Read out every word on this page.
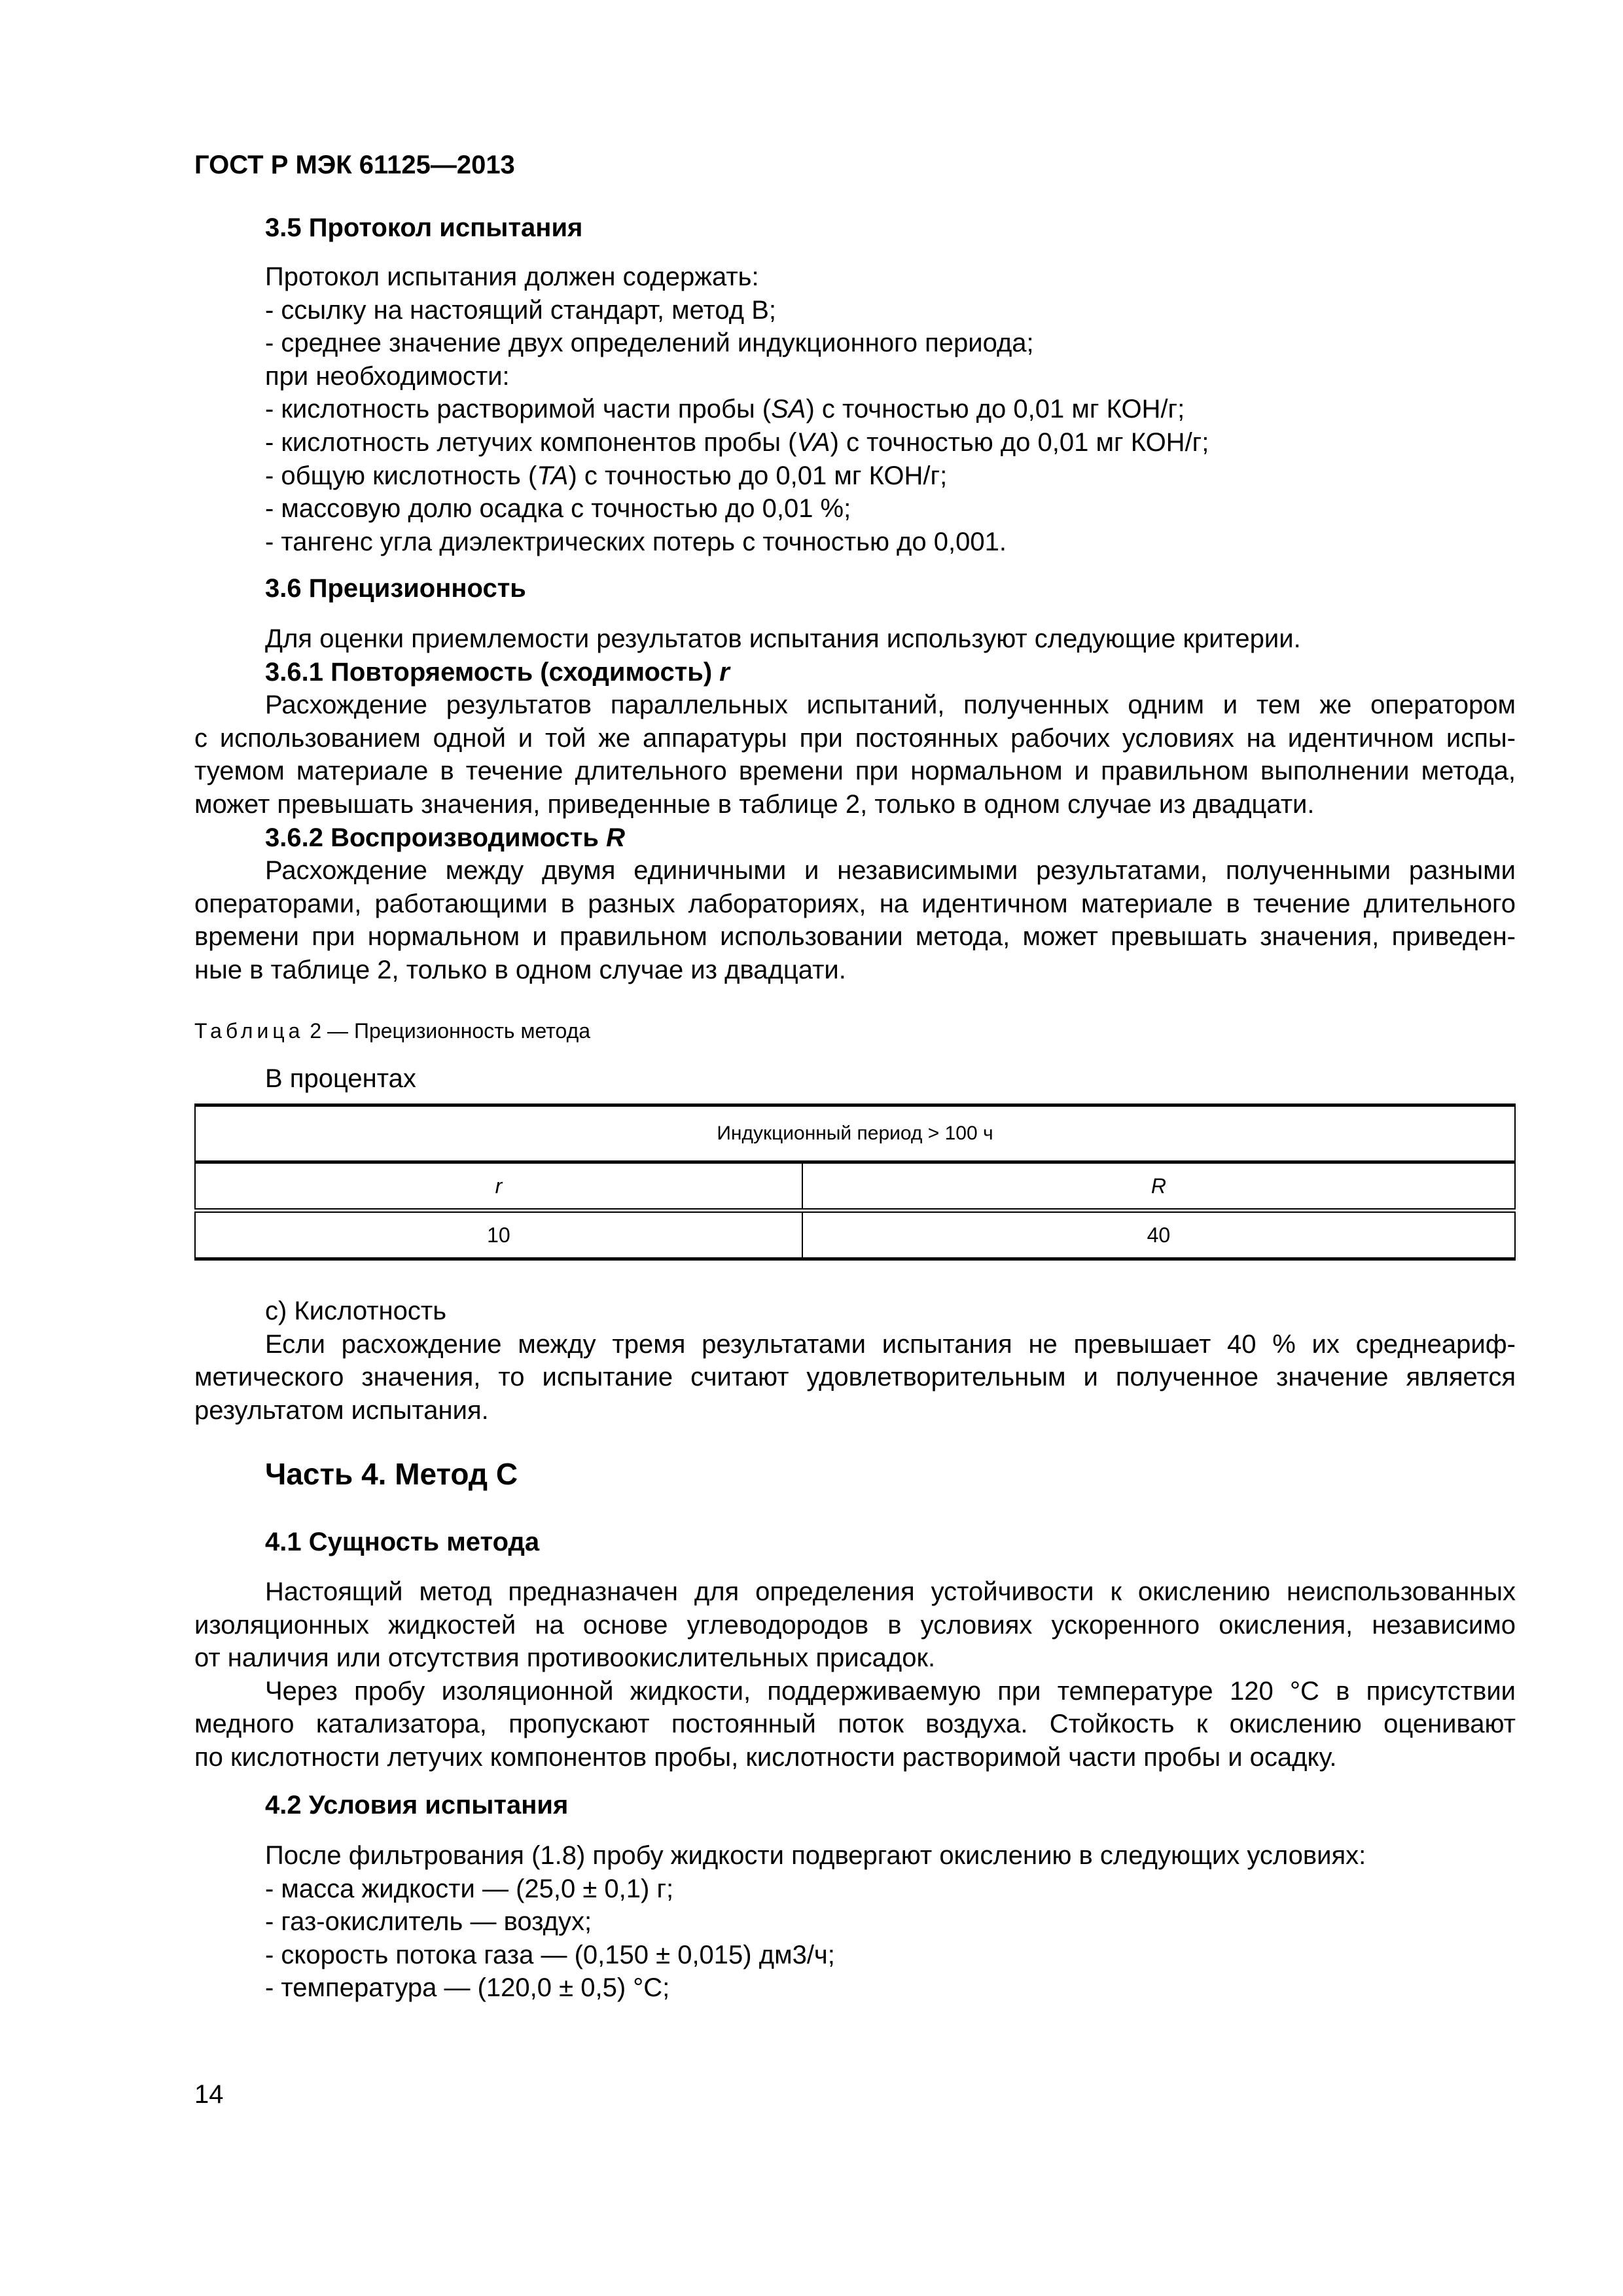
ГОСТ Р МЭК 61125—2013
3.5 Протокол испытания
Протокол испытания должен содержать:
- ссылку на настоящий стандарт, метод В;
- среднее значение двух определений индукционного периода;
при необходимости:
- кислотность растворимой части пробы (SA) с точностью до 0,01 мг КОН/г;
- кислотность летучих компонентов пробы (VA) с точностью до 0,01 мг КОН/г;
- общую кислотность (TA) с точностью до 0,01 мг КОН/г;
- массовую долю осадка с точностью до 0,01 %;
- тангенс угла диэлектрических потерь с точностью до 0,001.
3.6 Прецизионность
Для оценки приемлемости результатов испытания используют следующие критерии.
3.6.1 Повторяемость (сходимость) r
Расхождение результатов параллельных испытаний, полученных одним и тем же оператором
с использованием одной и той же аппаратуры при постоянных рабочих условиях на идентичном испы-
туемом материале в течение длительного времени при нормальном и правильном выполнении метода,
может превышать значения, приведенные в таблице 2, только в одном случае из двадцати.
3.6.2 Воспроизводимость R
Расхождение между двумя единичными и независимыми результатами, полученными разными
операторами, работающими в разных лабораториях, на идентичном материале в течение длительного
времени при нормальном и правильном использовании метода, может превышать значения, приведен-
ные в таблице 2, только в одном случае из двадцати.
Таблица 2 — Прецизионность метода
В процентах
Индукционный период > 100 ч	
r	R
10	40
с) Кислотность
Если расхождение между тремя результатами испытания не превышает 40 % их среднеариф-
метического значения, то испытание считают удовлетворительным и полученное значение является
результатом испытания.
Часть 4. Метод С
4.1 Сущность метода
Настоящий метод предназначен для определения устойчивости к окислению неиспользованных
изоляционных жидкостей на основе углеводородов в условиях ускоренного окисления, независимо
от наличия или отсутствия противоокислительных присадок.
Через пробу изоляционной жидкости, поддерживаемую при температуре 120 °С в присутствии
медного катализатора, пропускают постоянный поток воздуха. Стойкость к окислению оценивают
по кислотности летучих компонентов пробы, кислотности растворимой части пробы и осадку.
4.2 Условия испытания
После фильтрования (1.8) пробу жидкости подвергают окислению в следующих условиях:
- масса жидкости — (25,0 ± 0,1) г;
- газ-окислитель — воздух;
- скорость потока газа — (0,150 ± 0,015) дм3/ч;
- температура — (120,0 ± 0,5) °С;
14
